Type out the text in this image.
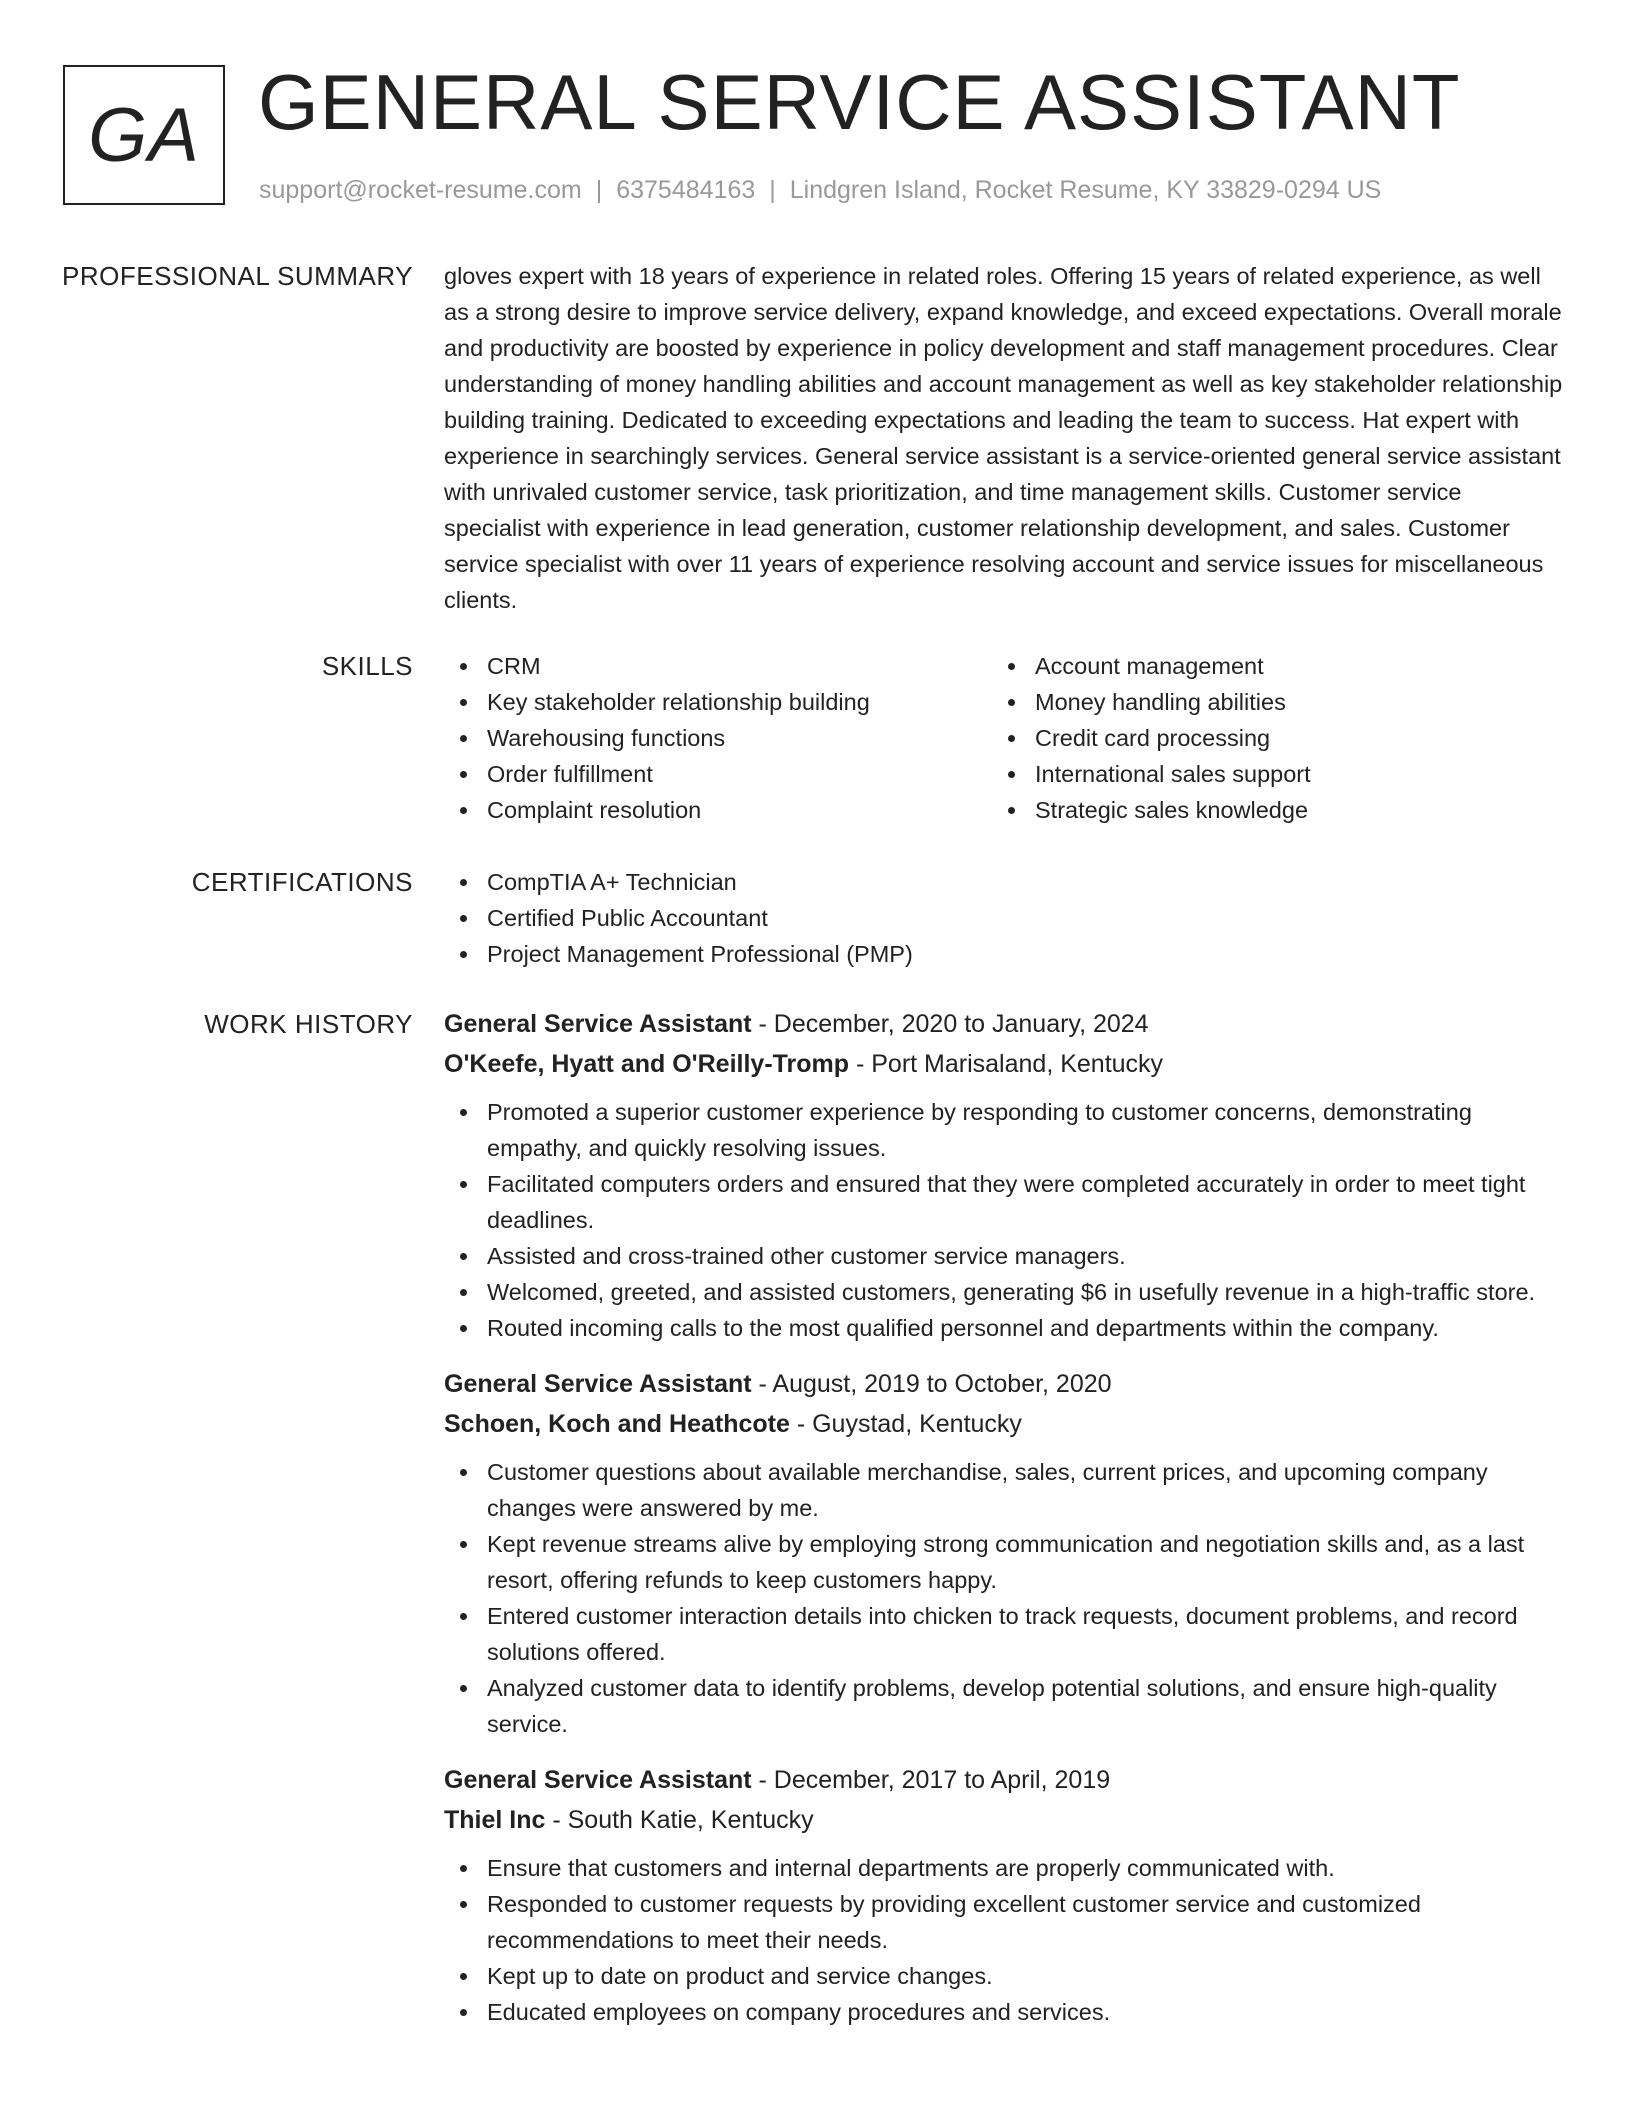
GA GENERAL SERVICE ASSISTANT
support@rocket-resume.com | 6375484163 | Lindgren Island, Rocket Resume, KY 33829-0294 US
PROFESSIONAL SUMMARY gloves expert with 18 years of experience in related roles. Offering 15 years of related experience, as well as a strong desire to improve service delivery, expand knowledge, and exceed expectations. Overall morale and productivity are boosted by experience in policy development and staff management procedures. Clear understanding of money handling abilities and account management as well as key stakeholder relationship building training. Dedicated to exceeding expectations and leading the team to success. Hat expert with experience in searchingly services. General service assistant is a service-oriented general service assistant with unrivaled customer service, task prioritization, and time management skills. Customer service specialist with experience in lead generation, customer relationship development, and sales. Customer service specialist with over 11 years of experience resolving account and service issues for miscellaneous clients.
SKILLS	CRM
Key stakeholder relationship building
Warehousing functions
Order fulfillment
Complaint resolution
Account management
Money handling abilities
Credit card processing
International sales support
Strategic sales knowledge
CERTIFICATIONS	CompTIA A+ Technician
Certified Public Accountant
Project Management Professional (PMP)
WORK HISTORY General Service Assistant - December, 2020 to January, 2024
O'Keefe, Hyatt and O'Reilly-Tromp - Port Marisaland, Kentucky
Promoted a superior customer experience by responding to customer concerns, demonstrating empathy, and quickly resolving issues.
Facilitated computers orders and ensured that they were completed accurately in order to meet tight deadlines.
Assisted and cross-trained other customer service managers.
Welcomed, greeted, and assisted customers, generating $6 in usefully revenue in a high-traffic store.
Routed incoming calls to the most qualified personnel and departments within the company.
General Service Assistant - August, 2019 to October, 2020
Schoen, Koch and Heathcote - Guystad, Kentucky
Customer questions about available merchandise, sales, current prices, and upcoming company changes were answered by me.
Kept revenue streams alive by employing strong communication and negotiation skills and, as a last resort, offering refunds to keep customers happy.
Entered customer interaction details into chicken to track requests, document problems, and record solutions offered.
Analyzed customer data to identify problems, develop potential solutions, and ensure high-quality service.
General Service Assistant - December, 2017 to April, 2019
Thiel Inc - South Katie, Kentucky
Ensure that customers and internal departments are properly communicated with.
Responded to customer requests by providing excellent customer service and customized recommendations to meet their needs.
Kept up to date on product and service changes.
Educated employees on company procedures and services.
